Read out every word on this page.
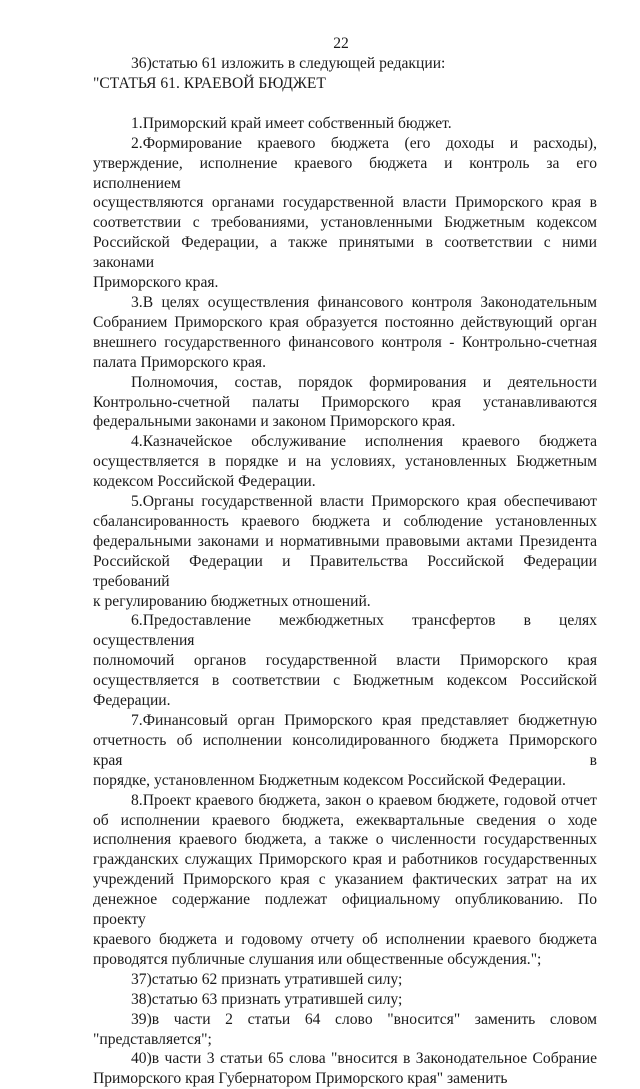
22
36)статью 61 изложить в следующей редакции:
"СТАТЬЯ 61. КРАЕВОЙ БЮДЖЕТ
1.Приморский край имеет собственный бюджет.
2.Формирование краевого бюджета (его доходы и расходы),
утверждение, исполнение краевого бюджета и контроль за его исполнением
осуществляются органами государственной власти Приморского края в
соответствии с требованиями, установленными Бюджетным кодексом
Российской Федерации, а также принятыми в соответствии с ними законами
Приморского края.
3.В целях осуществления финансового контроля Законодательным
Собранием Приморского края образуется постоянно действующий орган
внешнего государственного финансового контроля - Контрольно-счетная
палата Приморского края.
Полномочия, состав, порядок формирования и деятельности
Контрольно-счетной палаты Приморского края устанавливаются
федеральными законами и законом Приморского края.
4.Казначейское обслуживание исполнения краевого бюджета
осуществляется в порядке и на условиях, установленных Бюджетным
кодексом Российской Федерации.
5.Органы государственной власти Приморского края обеспечивают
сбалансированность краевого бюджета и соблюдение установленных
федеральными законами и нормативными правовыми актами Президента
Российской Федерации и Правительства Российской Федерации требований
к регулированию бюджетных отношений.
6.Предоставление межбюджетных трансфертов в целях осуществления
полномочий органов государственной власти Приморского края
осуществляется в соответствии с Бюджетным кодексом Российской
Федерации.
7.Финансовый орган Приморского края представляет бюджетную
отчетность об исполнении консолидированного бюджета Приморского края в
порядке, установленном Бюджетным кодексом Российской Федерации.
8.Проект краевого бюджета, закон о краевом бюджете, годовой отчет
об исполнении краевого бюджета, ежеквартальные сведения о ходе
исполнения краевого бюджета, а также о численности государственных
гражданских служащих Приморского края и работников государственных
учреждений Приморского края с указанием фактических затрат на их
денежное содержание подлежат официальному опубликованию. По проекту
краевого бюджета и годовому отчету об исполнении краевого бюджета
проводятся публичные слушания или общественные обсуждения.";
37)статью 62 признать утратившей силу;
38)статью 63 признать утратившей силу;
39)в части 2 статьи 64 слово "вносится" заменить словом
"представляется";
40)в части 3 статьи 65 слова "вносится в Законодательное Собрание
Приморского края Губернатором Приморского края" заменить
